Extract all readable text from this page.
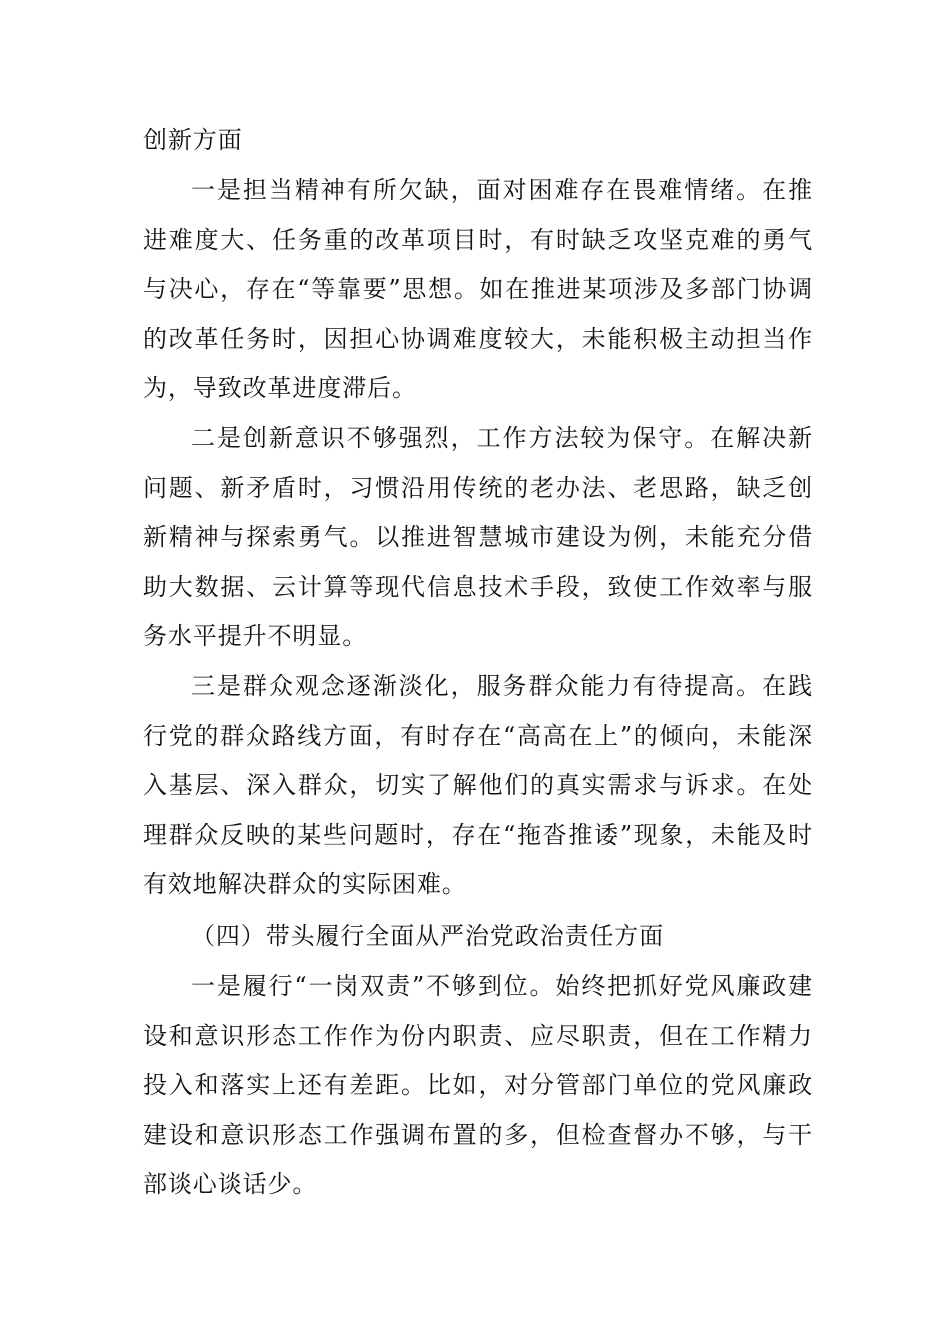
创新方面

一是担当精神有所欠缺，面对困难存在畏难情绪。在推进难度大、任务重的改革项目时，有时缺乏攻坚克难的勇气与决心，存在“等靠要”思想。如在推进某项涉及多部门协调的改革任务时，因担心协调难度较大，未能积极主动担当作为，导致改革进度滞后。

二是创新意识不够强烈，工作方法较为保守。在解决新问题、新矛盾时，习惯沿用传统的老办法、老思路，缺乏创新精神与探索勇气。以推进智慧城市建设为例，未能充分借助大数据、云计算等现代信息技术手段，致使工作效率与服务水平提升不明显。

三是群众观念逐渐淡化，服务群众能力有待提高。在践行党的群众路线方面，有时存在“高高在上”的倾向，未能深入基层、深入群众，切实了解他们的真实需求与诉求。在处理群众反映的某些问题时，存在“拖沓推诿”现象，未能及时有效地解决群众的实际困难。

（四）带头履行全面从严治党政治责任方面

一是履行“一岗双责”不够到位。始终把抓好党风廉政建设和意识形态工作作为份内职责、应尽职责，但在工作精力投入和落实上还有差距。比如，对分管部门单位的党风廉政建设和意识形态工作强调布置的多，但检查督办不够，与干部谈心谈话少。
